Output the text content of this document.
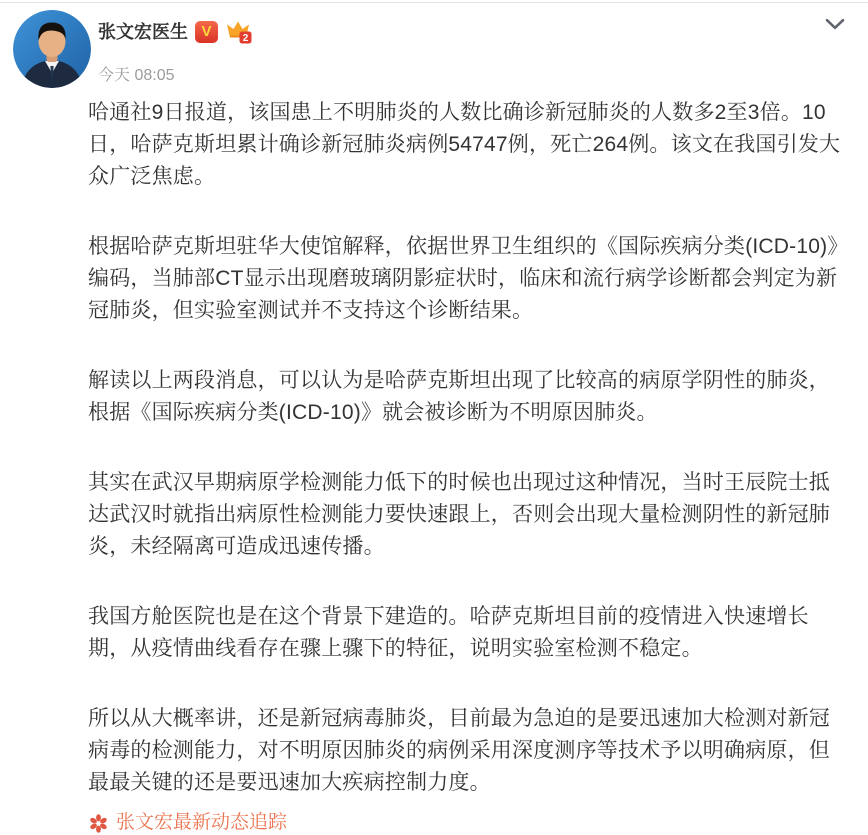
张文宏医生 V	2
今天 08:05

哈通社9日报道，该国患上不明肺炎的人数比确诊新冠肺炎的人数多2至3倍。10日，哈萨克斯坦累计确诊新冠肺炎病例54747例，死亡264例。该文在我国引发大众广泛焦虑。

根据哈萨克斯坦驻华大使馆解释，依据世界卫生组织的《国际疾病分类(ICD-10)》编码，当肺部CT显示出现磨玻璃阴影症状时，临床和流行病学诊断都会判定为新冠肺炎，但实验室测试并不支持这个诊断结果。

解读以上两段消息，可以认为是哈萨克斯坦出现了比较高的病原学阴性的肺炎，根据《国际疾病分类(ICD-10)》就会被诊断为不明原因肺炎。

其实在武汉早期病原学检测能力低下的时候也出现过这种情况，当时王辰院士抵达武汉时就指出病原性检测能力要快速跟上，否则会出现大量检测阴性的新冠肺炎，未经隔离可造成迅速传播。

我国方舱医院也是在这个背景下建造的。哈萨克斯坦目前的疫情进入快速增长期，从疫情曲线看存在骤上骤下的特征，说明实验室检测不稳定。

所以从大概率讲，还是新冠病毒肺炎，目前最为急迫的是要迅速加大检测对新冠病毒的检测能力，对不明原因肺炎的病例采用深度测序等技术予以明确病原，但最最关键的还是要迅速加大疾病控制力度。

张文宏最新动态追踪
